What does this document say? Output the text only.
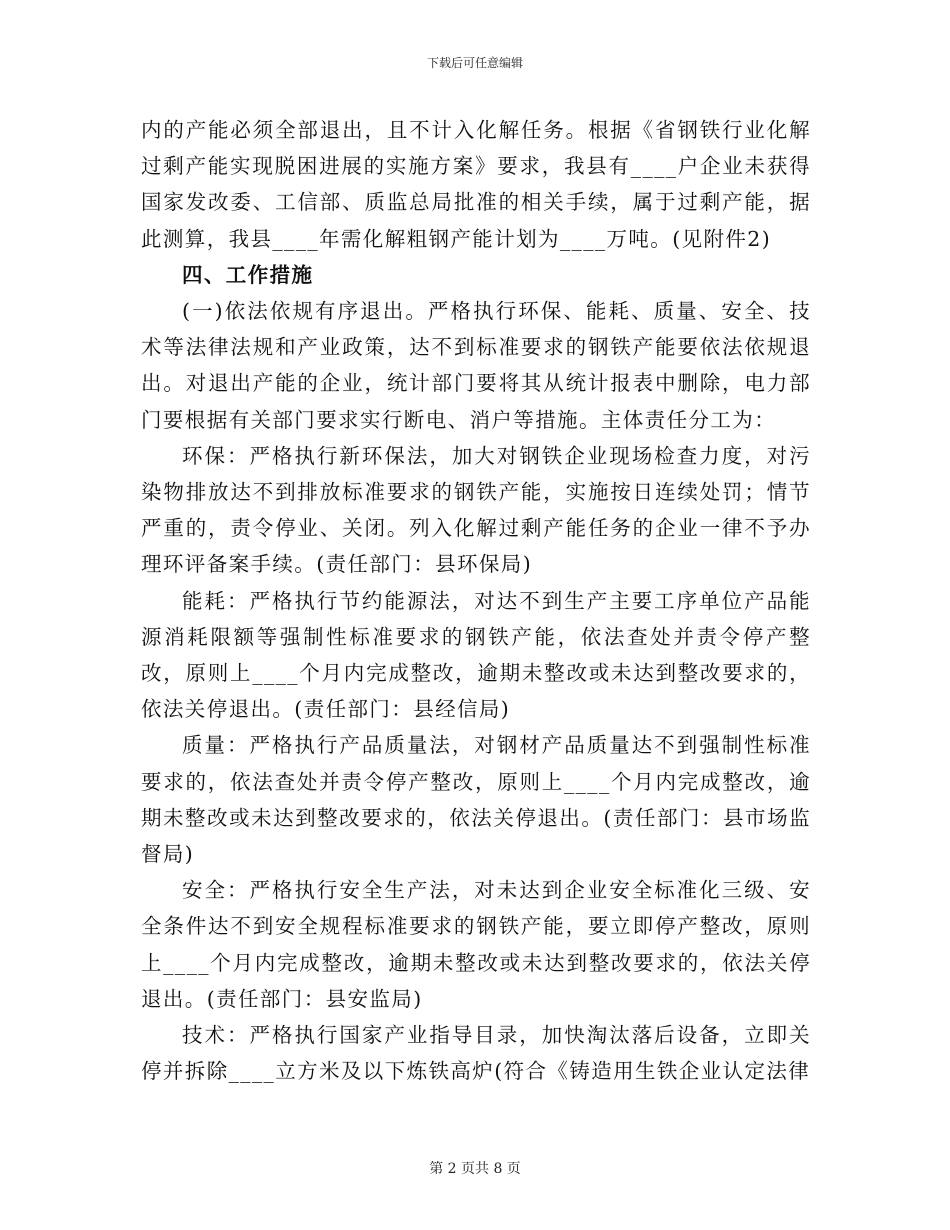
下载后可任意编辑

内的产能必须全部退出，且不计入化解任务。根据《省钢铁行业化解过剩产能实现脱困进展的实施方案》要求，我县有____户企业未获得国家发改委、工信部、质监总局批准的相关手续，属于过剩产能，据此测算，我县____年需化解粗钢产能计划为____万吨。(见附件2)

四、工作措施

(一)依法依规有序退出。严格执行环保、能耗、质量、安全、技术等法律法规和产业政策，达不到标准要求的钢铁产能要依法依规退出。对退出产能的企业，统计部门要将其从统计报表中删除，电力部门要根据有关部门要求实行断电、消户等措施。主体责任分工为：

环保：严格执行新环保法，加大对钢铁企业现场检查力度，对污染物排放达不到排放标准要求的钢铁产能，实施按日连续处罚；情节严重的，责令停业、关闭。列入化解过剩产能任务的企业一律不予办理环评备案手续。(责任部门：县环保局)

能耗：严格执行节约能源法，对达不到生产主要工序单位产品能源消耗限额等强制性标准要求的钢铁产能，依法查处并责令停产整改，原则上____个月内完成整改，逾期未整改或未达到整改要求的，依法关停退出。(责任部门：县经信局)

质量：严格执行产品质量法，对钢材产品质量达不到强制性标准要求的，依法查处并责令停产整改，原则上____个月内完成整改，逾期未整改或未达到整改要求的，依法关停退出。(责任部门：县市场监督局)

安全：严格执行安全生产法，对未达到企业安全标准化三级、安全条件达不到安全规程标准要求的钢铁产能，要立即停产整改，原则上____个月内完成整改，逾期未整改或未达到整改要求的，依法关停退出。(责任部门：县安监局)

技术：严格执行国家产业指导目录，加快淘汰落后设备，立即关停并拆除____立方米及以下炼铁高炉(符合《铸造用生铁企业认定法律

第 2 页共 8 页
